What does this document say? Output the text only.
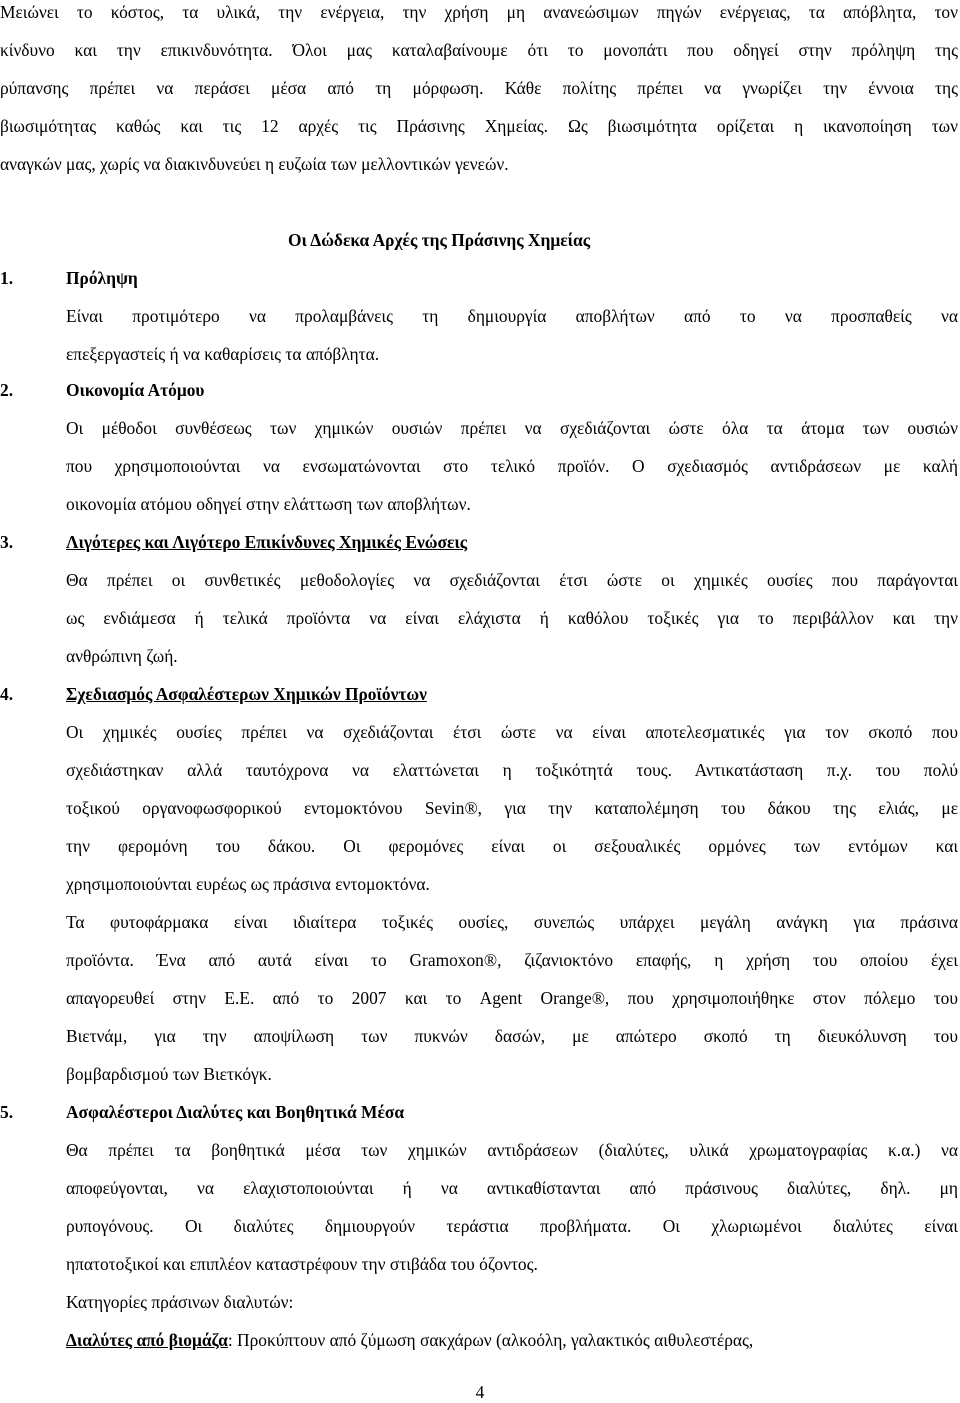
Μειώνει το κόστος, τα υλικά, την ενέργεια, την χρήση μη ανανεώσιμων πηγών ενέργειας, τα απόβλητα, τον
κίνδυνο και την επικινδυνότητα. Όλοι μας καταλαβαίνουμε ότι το μονοπάτι που οδηγεί στην πρόληψη της
ρύπανσης πρέπει να περάσει μέσα από τη μόρφωση. Κάθε πολίτης πρέπει να γνωρίζει την έννοια της
βιωσιμότητας καθώς και τις 12 αρχές τις Πράσινης Χημείας. Ως βιωσιμότητα ορίζεται η ικανοποίηση των
αναγκών μας, χωρίς να διακινδυνεύει η ευζωία των μελλοντικών γενεών.
Οι Δώδεκα Αρχές της Πράσινης Χημείας
1.	Πρόληψη
Είναι προτιμότερο να προλαμβάνεις τη δημιουργία αποβλήτων από το να προσπαθείς να
επεξεργαστείς ή να καθαρίσεις τα απόβλητα.
2.	Οικονομία Ατόμου
Οι μέθοδοι συνθέσεως των χημικών ουσιών πρέπει να σχεδιάζονται ώστε όλα τα άτομα των ουσιών
που χρησιμοποιούνται να ενσωματώνονται στο τελικό προϊόν. Ο σχεδιασμός αντιδράσεων με καλή
οικονομία ατόμου οδηγεί στην ελάττωση των αποβλήτων.
3.	Λιγότερες και Λιγότερο Επικίνδυνες Χημικές Ενώσεις
Θα πρέπει οι συνθετικές μεθοδολογίες να σχεδιάζονται έτσι ώστε οι χημικές ουσίες που παράγονται
ως ενδιάμεσα ή τελικά προϊόντα να είναι ελάχιστα ή καθόλου τοξικές για το περιβάλλον και την
ανθρώπινη ζωή.
4.	Σχεδιασμός Ασφαλέστερων Χημικών Προϊόντων
Οι χημικές ουσίες πρέπει να σχεδιάζονται έτσι ώστε να είναι αποτελεσματικές για τον σκοπό που
σχεδιάστηκαν αλλά ταυτόχρονα να ελαττώνεται η τοξικότητά τους. Αντικατάσταση π.χ. του πολύ
τοξικού οργανοφωσφορικού εντομοκτόνου Sevin®, για την καταπολέμηση του δάκου της ελιάς, με
την φερομόνη του δάκου. Οι φερομόνες είναι οι σεξουαλικές ορμόνες των εντόμων και
χρησιμοποιούνται ευρέως ως πράσινα εντομοκτόνα.
Τα φυτοφάρμακα είναι ιδιαίτερα τοξικές ουσίες, συνεπώς υπάρχει μεγάλη ανάγκη για πράσινα
προϊόντα. Ένα από αυτά είναι το Gramoxon®, ζιζανιοκτόνο επαφής, η χρήση του οποίου έχει
απαγορευθεί στην Ε.Ε. από το 2007 και το Agent Orange®, που χρησιμοποιήθηκε στον πόλεμο του
Βιετνάμ, για την αποψίλωση των πυκνών δασών, με απώτερο σκοπό τη διευκόλυνση του
βομβαρδισμού των Βιετκόγκ.
5.	Ασφαλέστεροι Διαλύτες και Βοηθητικά Μέσα
Θα πρέπει τα βοηθητικά μέσα των χημικών αντιδράσεων (διαλύτες, υλικά χρωματογραφίας κ.α.) να
αποφεύγονται, να ελαχιστοποιούνται ή να αντικαθίστανται από πράσινους διαλύτες, δηλ. μη
ρυπογόνους. Οι διαλύτες δημιουργούν τεράστια προβλήματα. Οι χλωριωμένοι διαλύτες είναι
ηπατοτοξικοί και επιπλέον καταστρέφουν την στιβάδα του όζοντος.
Κατηγορίες πράσινων διαλυτών:
Διαλύτες από βιομάζα: Προκύπτουν από ζύμωση σακχάρων (αλκοόλη, γαλακτικός αιθυλεστέρας,
4
